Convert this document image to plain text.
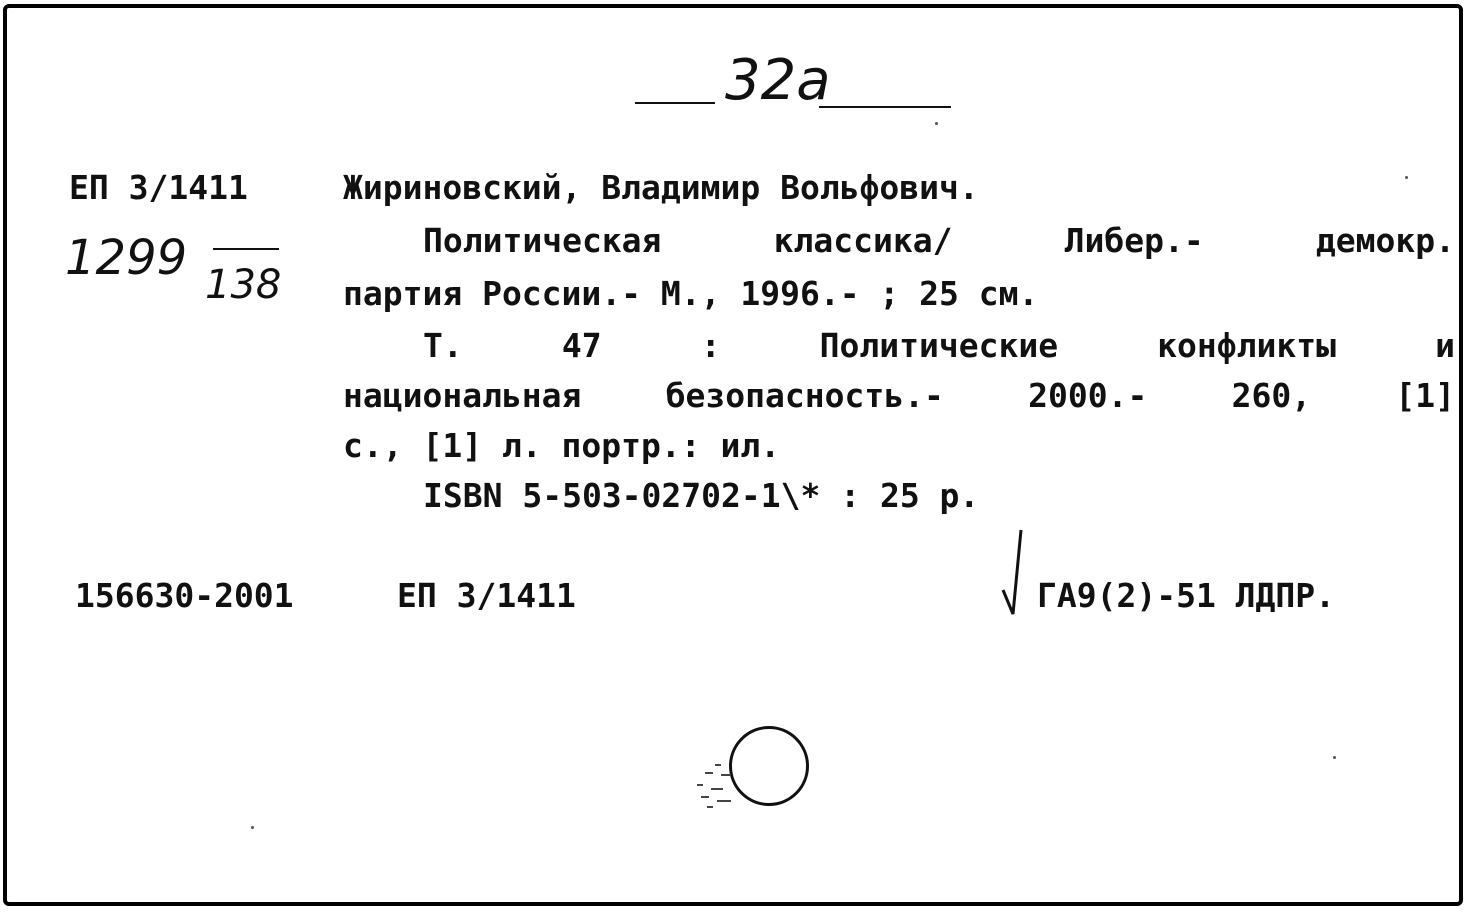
32a
ЕП 3/1411
1299 138
Жириновский, Владимир Вольфович.
Политическая	классика/	Либер.-	демокр.
партия России.- М., 1996.- ; 25 см.
Т.	47	:	Политические	конфликты	и
национальная	безопасность.-	2000.-	260,	[1]
с., [1] л. портр.: ил.
ISBN 5-503-02702-1\* : 25 р.
156630-2001	ЕП 3/1411	ГА9(2)-51 ЛДПР.
